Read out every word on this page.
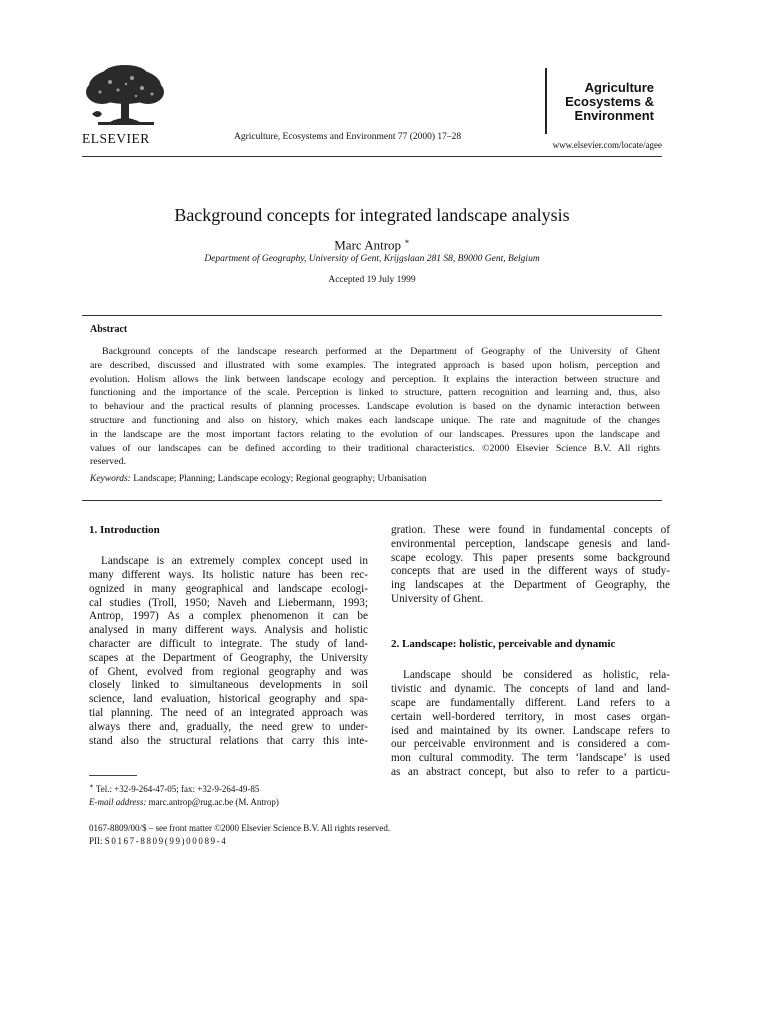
ELSEVIER	Agriculture, Ecosystems and Environment 77 (2000) 17–28
Agriculture
Ecosystems &
Environment
www.elsevier.com/locate/agee
Background concepts for integrated landscape analysis
Marc Antrop ∗
Department of Geography, University of Gent, Krijgslaan 281 S8, B9000 Gent, Belgium
Accepted 19 July 1999
Abstract
Background concepts of the landscape research performed at the Department of Geography of the University of Ghent
are described, discussed and illustrated with some examples. The integrated approach is based upon holism, perception and
evolution. Holism allows the link between landscape ecology and perception. It explains the interaction between structure and
functioning and the importance of the scale. Perception is linked to structure, pattern recognition and learning and, thus, also
to behaviour and the practical results of planning processes. Landscape evolution is based on the dynamic interaction between
structure and functioning and also on history, which makes each landscape unique. The rate and magnitude of the changes
in the landscape are the most important factors relating to the evolution of our landscapes. Pressures upon the landscape and
values of our landscapes can be defined according to their traditional characteristics. ©2000 Elsevier Science B.V. All rights
reserved.
Keywords: Landscape; Planning; Landscape ecology; Regional geography; Urbanisation
1. Introduction
Landscape is an extremely complex concept used in
many different ways. Its holistic nature has been rec-
ognized in many geographical and landscape ecologi-
cal studies (Troll, 1950; Naveh and Liebermann, 1993;
Antrop, 1997) As a complex phenomenon it can be
analysed in many different ways. Analysis and holistic
character are difficult to integrate. The study of land-
scapes at the Department of Geography, the University
of Ghent, evolved from regional geography and was
closely linked to simultaneous developments in soil
science, land evaluation, historical geography and spa-
tial planning. The need of an integrated approach was
always there and, gradually, the need grew to under-
stand also the structural relations that carry this inte-
gration. These were found in fundamental concepts of
environmental perception, landscape genesis and land-
scape ecology. This paper presents some background
concepts that are used in the different ways of study-
ing landscapes at the Department of Geography, the
University of Ghent.
2. Landscape: holistic, perceivable and dynamic
Landscape should be considered as holistic, rela-
tivistic and dynamic. The concepts of land and land-
scape are fundamentally different. Land refers to a
certain well-bordered territory, in most cases organ-
ised and maintained by its owner. Landscape refers to
our perceivable environment and is considered a com-
mon cultural commodity. The term ‘landscape’ is used
as an abstract concept, but also to refer to a particu-
∗ Tel.: +32-9-264-47-05; fax: +32-9-264-49-85
E-mail address: marc.antrop@rug.ac.be (M. Antrop)
0167-8809/00/$ – see front matter ©2000 Elsevier Science B.V. All rights reserved.
PII: S0167-8809(99)00089-4
